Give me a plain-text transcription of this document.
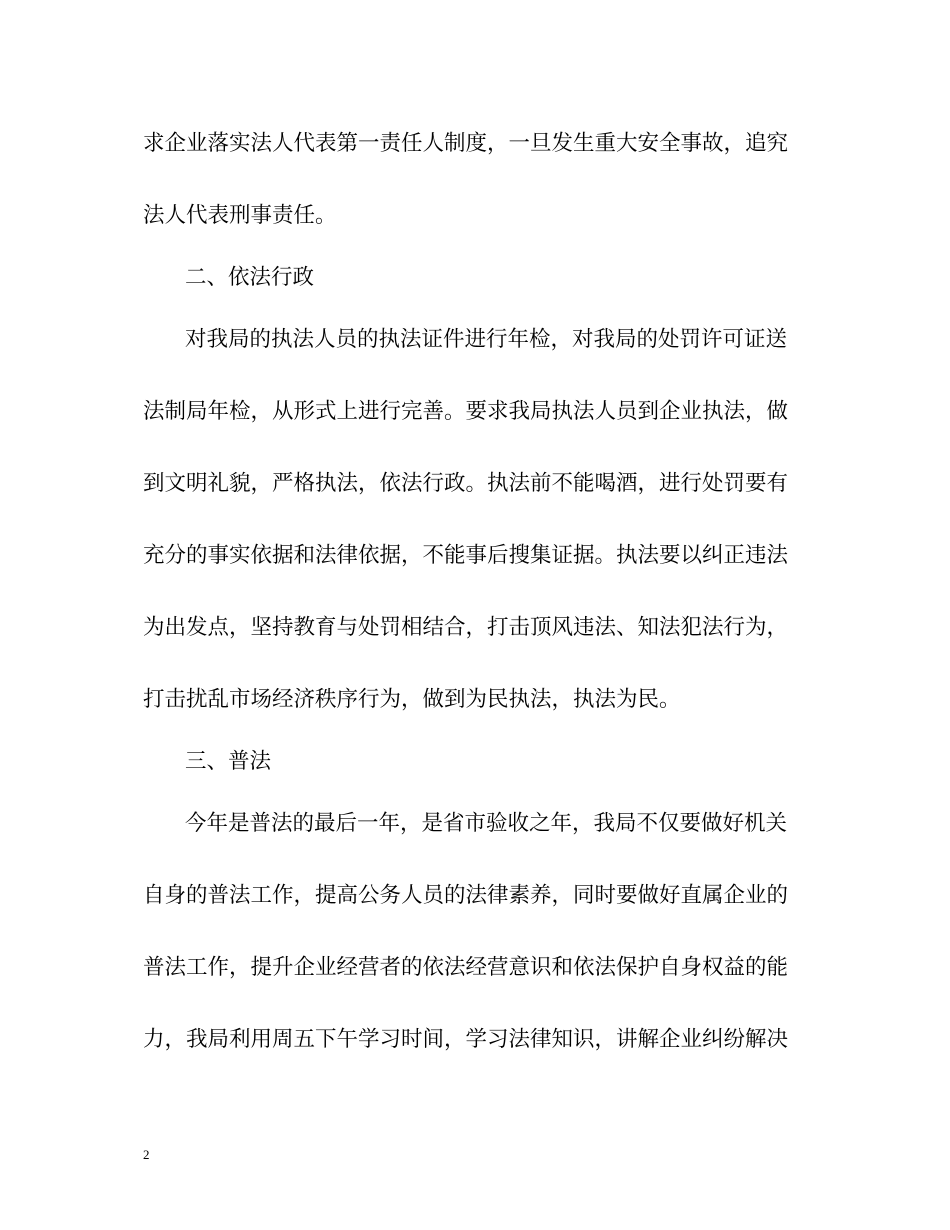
求企业落实法人代表第一责任人制度，一旦发生重大安全事故，追究
法人代表刑事责任。
二、依法行政
对我局的执法人员的执法证件进行年检，对我局的处罚许可证送
法制局年检，从形式上进行完善。要求我局执法人员到企业执法，做
到文明礼貌，严格执法，依法行政。执法前不能喝酒，进行处罚要有
充分的事实依据和法律依据，不能事后搜集证据。执法要以纠正违法
为出发点，坚持教育与处罚相结合，打击顶风违法、知法犯法行为，
打击扰乱市场经济秩序行为，做到为民执法，执法为民。
三、普法
今年是普法的最后一年，是省市验收之年，我局不仅要做好机关
自身的普法工作，提高公务人员的法律素养，同时要做好直属企业的
普法工作，提升企业经营者的依法经营意识和依法保护自身权益的能
力，我局利用周五下午学习时间，学习法律知识，讲解企业纠纷解决
2
